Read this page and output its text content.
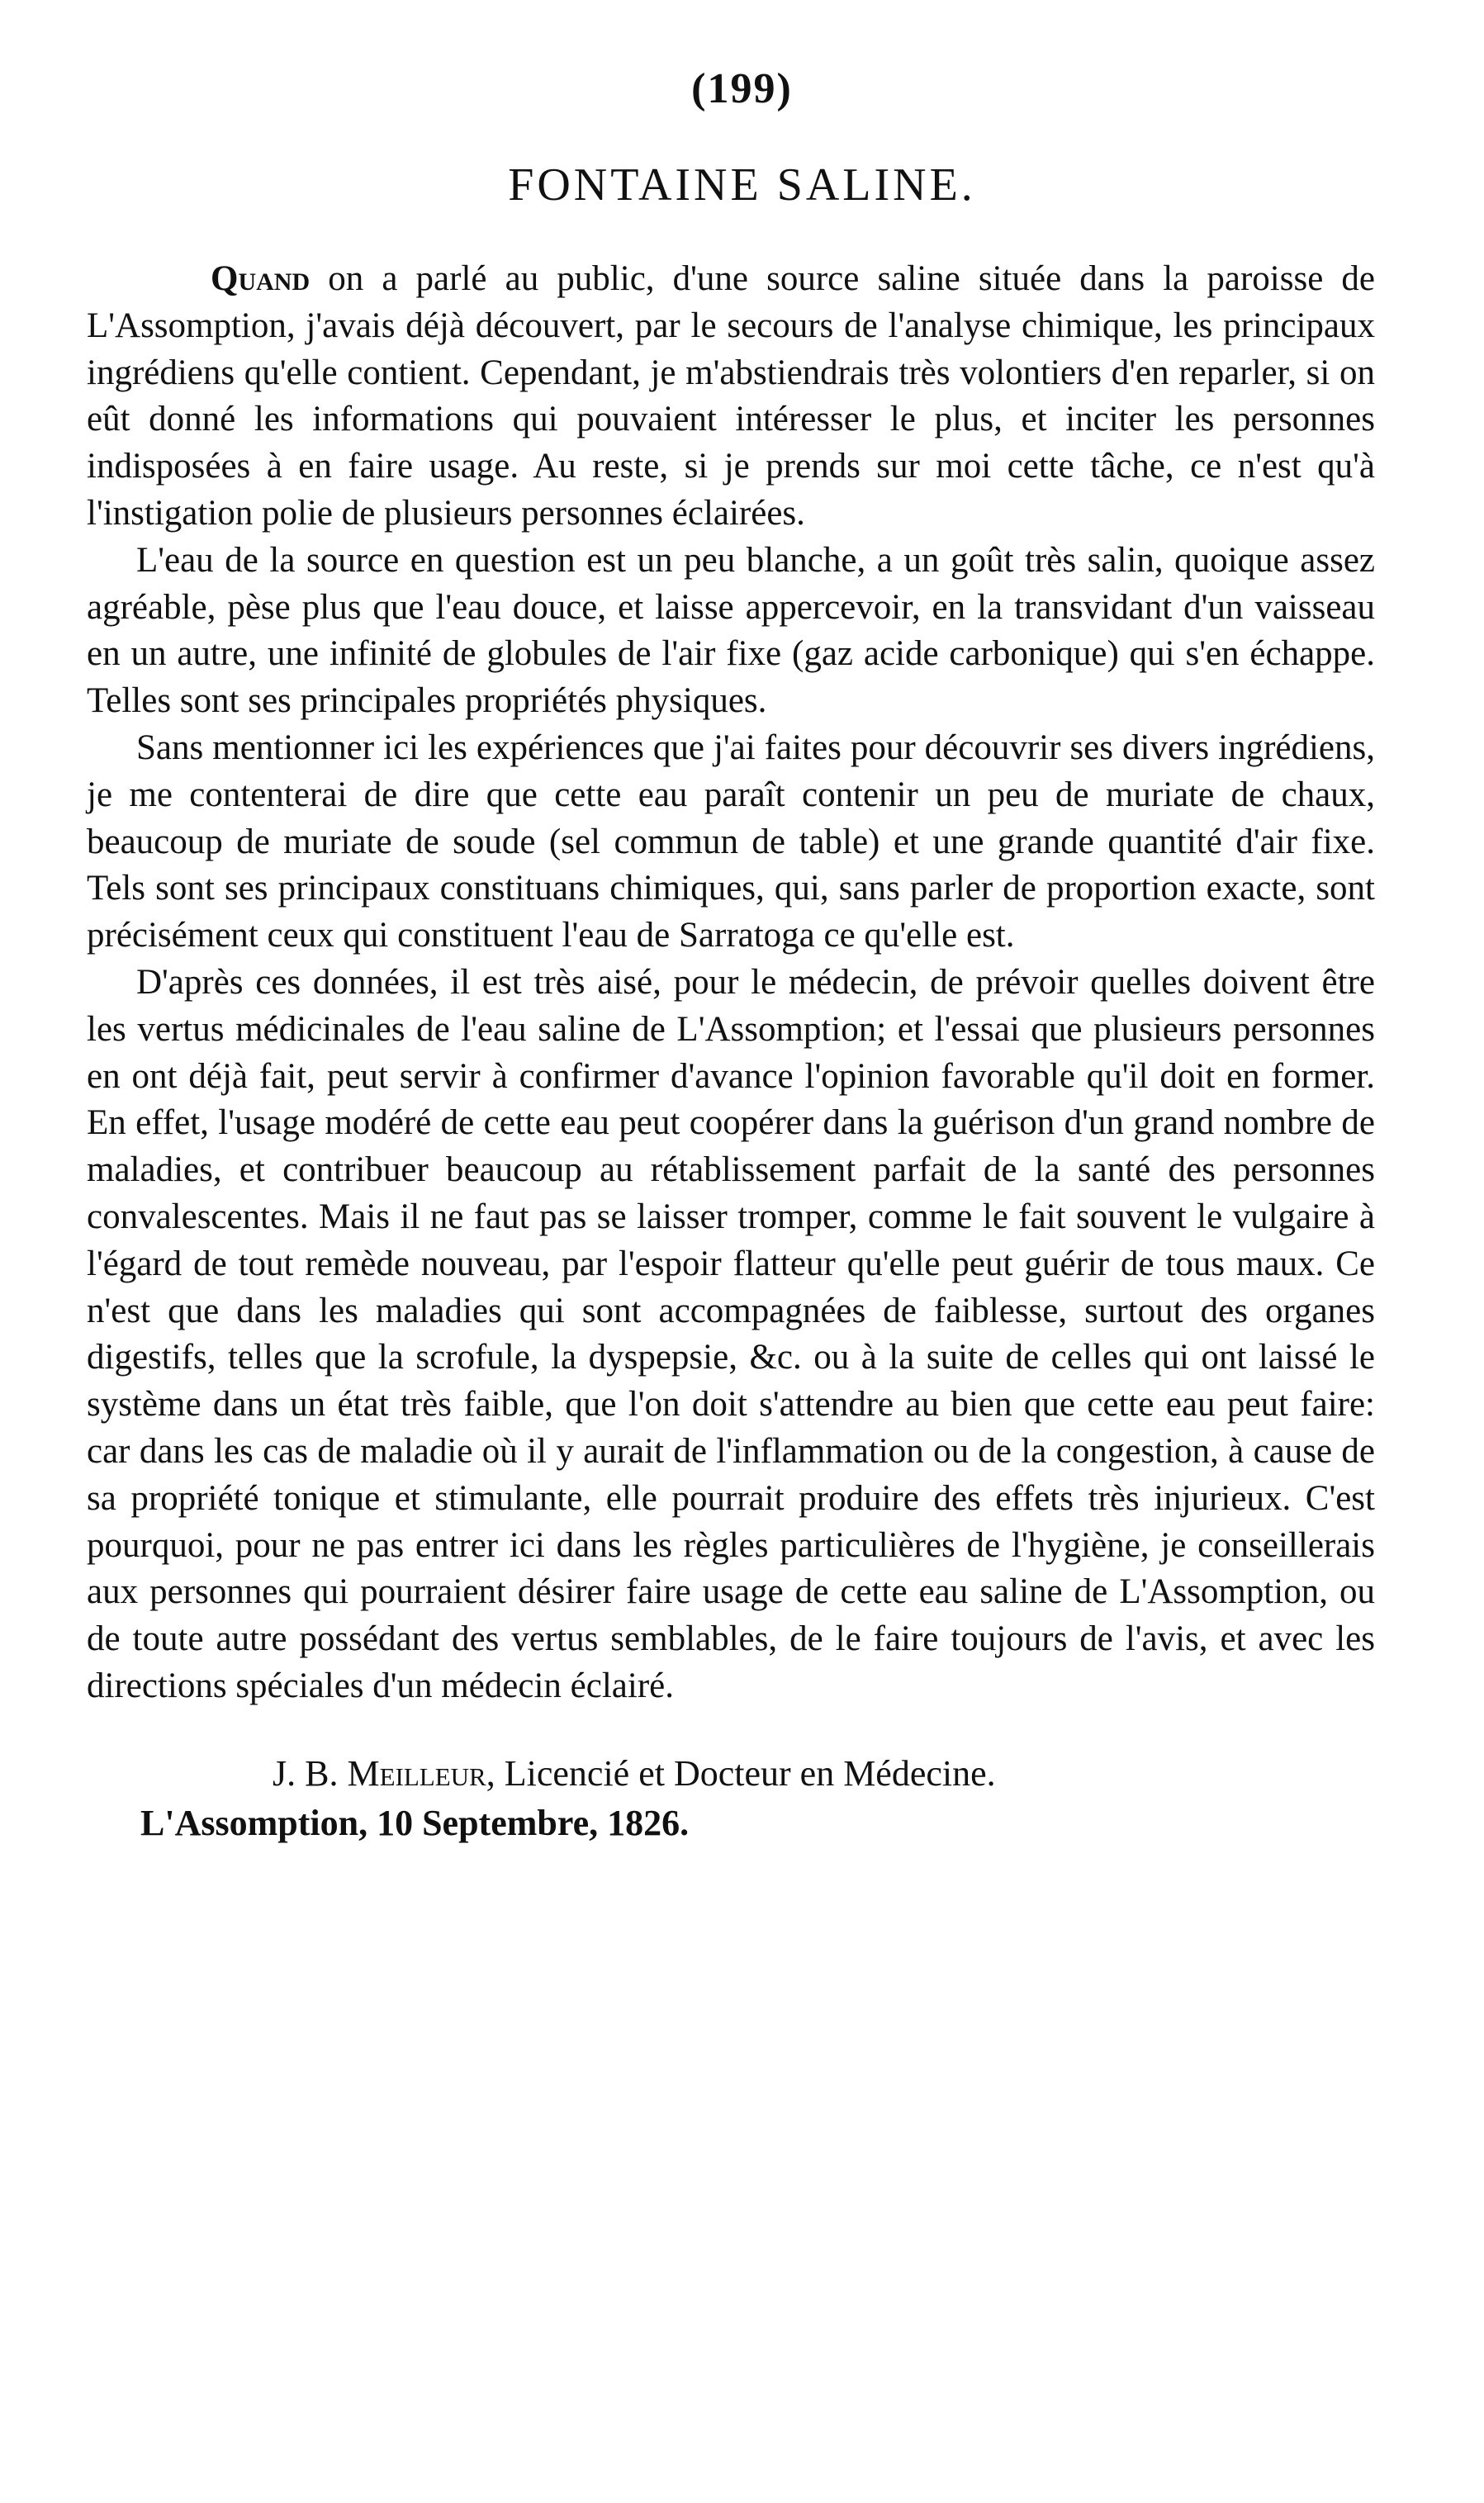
(199)
FONTAINE SALINE.

Quand on a parlé au public, d'une source saline située dans la paroisse de L'Assomption, j'avais déjà découvert, par le secours de l'analyse chimique, les principaux ingrédiens qu'elle contient. Cependant, je m'abstiendrais très volontiers d'en reparler, si on eût donné les informations qui pouvaient intéresser le plus, et inciter les personnes indisposées à en faire usage. Au reste, si je prends sur moi cette tâche, ce n'est qu'à l'instigation polie de plusieurs personnes éclairées.

L'eau de la source en question est un peu blanche, a un goût très salin, quoique assez agréable, pèse plus que l'eau douce, et laisse appercevoir, en la transvidant d'un vaisseau en un autre, une infinité de globules de l'air fixe (gaz acide carbonique) qui s'en échappe. Telles sont ses principales propriétés physiques.

Sans mentionner ici les expériences que j'ai faites pour découvrir ses divers ingrédiens, je me contenterai de dire que cette eau paraît contenir un peu de muriate de chaux, beaucoup de muriate de soude (sel commun de table) et une grande quantité d'air fixe. Tels sont ses principaux constituans chimiques, qui, sans parler de proportion exacte, sont précisément ceux qui constituent l'eau de Sarratoga ce qu'elle est.

D'après ces données, il est très aisé, pour le médecin, de prévoir quelles doivent être les vertus médicinales de l'eau saline de L'Assomption; et l'essai que plusieurs personnes en ont déjà fait, peut servir à confirmer d'avance l'opinion favorable qu'il doit en former. En effet, l'usage modéré de cette eau peut coopérer dans la guérison d'un grand nombre de maladies, et contribuer beaucoup au rétablissement parfait de la santé des personnes convalescentes. Mais il ne faut pas se laisser tromper, comme le fait souvent le vulgaire à l'égard de tout remède nouveau, par l'espoir flatteur qu'elle peut guérir de tous maux. Ce n'est que dans les maladies qui sont accompagnées de faiblesse, surtout des organes digestifs, telles que la scrofule, la dyspepsie, &c. ou à la suite de celles qui ont laissé le système dans un état très faible, que l'on doit s'attendre au bien que cette eau peut faire: car dans les cas de maladie où il y aurait de l'inflammation ou de la congestion, à cause de sa propriété tonique et stimulante, elle pourrait produire des effets très injurieux. C'est pourquoi, pour ne pas entrer ici dans les règles particulières de l'hygiène, je conseillerais aux personnes qui pourraient désirer faire usage de cette eau saline de L'Assomption, ou de toute autre possédant des vertus semblables, de le faire toujours de l'avis, et avec les directions spéciales d'un médecin éclairé.

J. B. Meilleur, Licencié et Docteur en Médecine.
L'Assomption, 10 Septembre, 1826.
